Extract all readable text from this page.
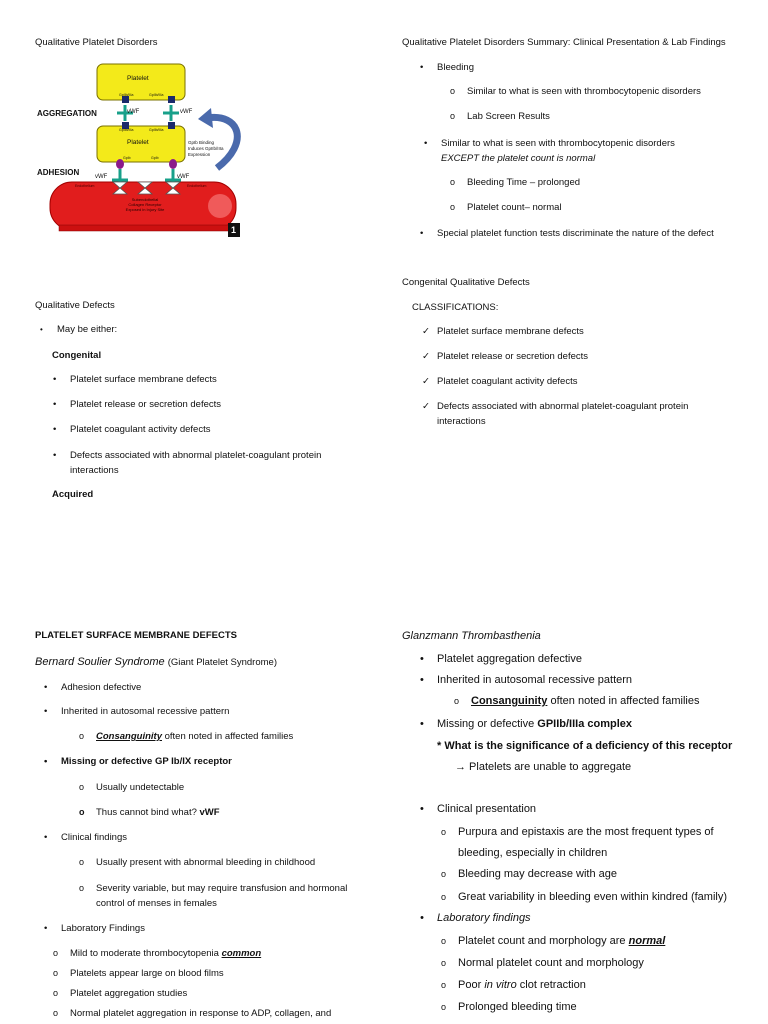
Qualitative Platelet Disorders
AGGREGATION
ADHESION
Platelet
Platelet
GpIIb/IIIa	GpIIb/IIIa
GpIIb/IIIa	GpIIb/IIIa
GpIb	GpIb
vWF
vWF
vWF	vWF
GpIb Binding
Induces GpIIb/IIIa
Expression
Endothelium	Endothelium
Subendothelial
Collagen Receptor
Exposed in Injury Site
1
Qualitative Platelet Disorders Summary: Clinical Presentation & Lab Findings
• Bleeding
o Similar to what is seen with thrombocytopenic disorders
o Lab Screen Results
• Similar to what is seen with thrombocytopenic disorders
EXCEPT the platelet count is normal
o Bleeding Time – prolonged
o Platelet count– normal
• Special platelet function tests discriminate the nature of the defect
Qualitative Defects
• May be either:
Congenital
• Platelet surface membrane defects
• Platelet release or secretion defects
• Platelet coagulant activity defects
• Defects associated with abnormal platelet-coagulant protein
interactions
Acquired
Congenital Qualitative Defects
CLASSIFICATIONS:
✓ Platelet surface membrane defects
✓ Platelet release or secretion defects
✓ Platelet coagulant activity defects
✓ Defects associated with abnormal platelet-coagulant protein
interactions
PLATELET SURFACE MEMBRANE DEFECTS
Bernard Soulier Syndrome (Giant Platelet Syndrome)
• Adhesion defective
• Inherited in autosomal recessive pattern
o Consanguinity often noted in affected families
• Missing or defective GP Ib/IX receptor
o Usually undetectable
o Thus cannot bind what? vWF
• Clinical findings
o Usually present with abnormal bleeding in childhood
o Severity variable, but may require transfusion and hormonal
control of menses in females
• Laboratory Findings
o Mild to moderate thrombocytopenia common
o Platelets appear large on blood films
o Platelet aggregation studies
o Normal platelet aggregation in response to ADP, collagen, and
Glanzmann Thrombasthenia
• Platelet aggregation defective
• Inherited in autosomal recessive pattern
o Consanguinity often noted in affected families
• Missing or defective GPIIb/IIIa complex
* What is the significance of a deficiency of this receptor
→ Platelets are unable to aggregate
• Clinical presentation
o Purpura and epistaxis are the most frequent types of
bleeding, especially in children
o Bleeding may decrease with age
o Great variability in bleeding even within kindred (family)
• Laboratory findings
o Platelet count and morphology are normal
o Normal platelet count and morphology
o Poor in vitro clot retraction
o Prolonged bleeding time
